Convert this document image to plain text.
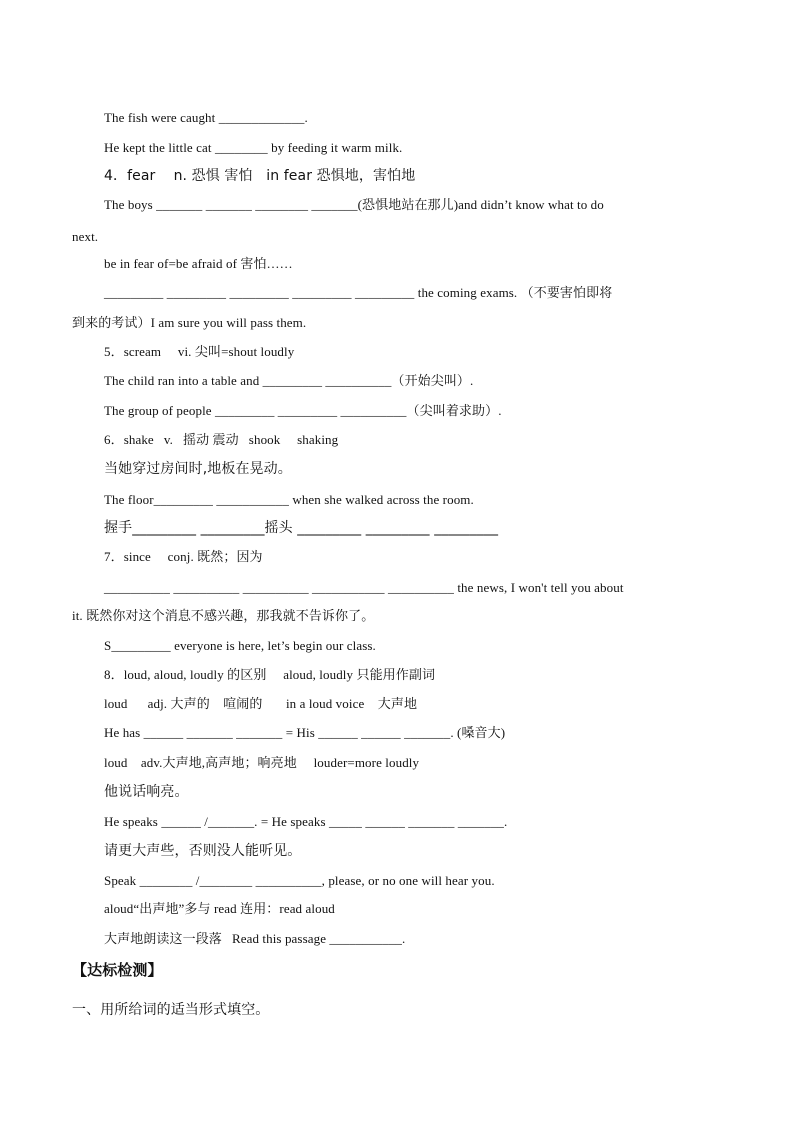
The fish were caught _____________.
He kept the little cat ________ by feeding it warm milk.
4．fear    n. 恐惧 害怕   in fear 恐惧地，害怕地
The boys _______ _______ ________ _______(恐惧地站在那儿)and didn’t know what to do
next.
be in fear of=be afraid of 害怕……
_________ _________ _________ _________ _________ the coming exams. （不要害怕即将
到来的考试）I am sure you will pass them.
5．scream     vi. 尖叫=shout loudly
The child ran into a table and _________ __________（开始尖叫）.
The group of people _________ _________ __________（尖叫着求助）.
6．shake   v.   摇动 震动   shook     shaking
当她穿过房间时,地板在晃动。
The floor_________ ___________ when she walked across the room.
握手_________ _________摇头 _________ _________ _________
7．since     conj. 既然；因为
__________ __________ __________ ___________ __________ the news, I won't tell you about
it. 既然你对这个消息不感兴趣，那我就不告诉你了。
S_________ everyone is here, let’s begin our class.
8．loud, aloud, loudly 的区别     aloud, loudly 只能用作副词
loud      adj. 大声的    喧闹的       in a loud voice    大声地
He has ______ _______ _______ = His ______ ______ _______. (嗓音大)
loud    adv.大声地,高声地；响亮地     louder=more loudly
他说话响亮。
He speaks ______ /_______. = He speaks _____ ______ _______ _______.
请更大声些，否则没人能听见。
Speak ________ /________ __________, please, or no one will hear you.
aloud“出声地”多与 read 连用：read aloud
大声地朗读这一段落   Read this passage ___________.
【达标检测】
一、用所给词的适当形式填空。
